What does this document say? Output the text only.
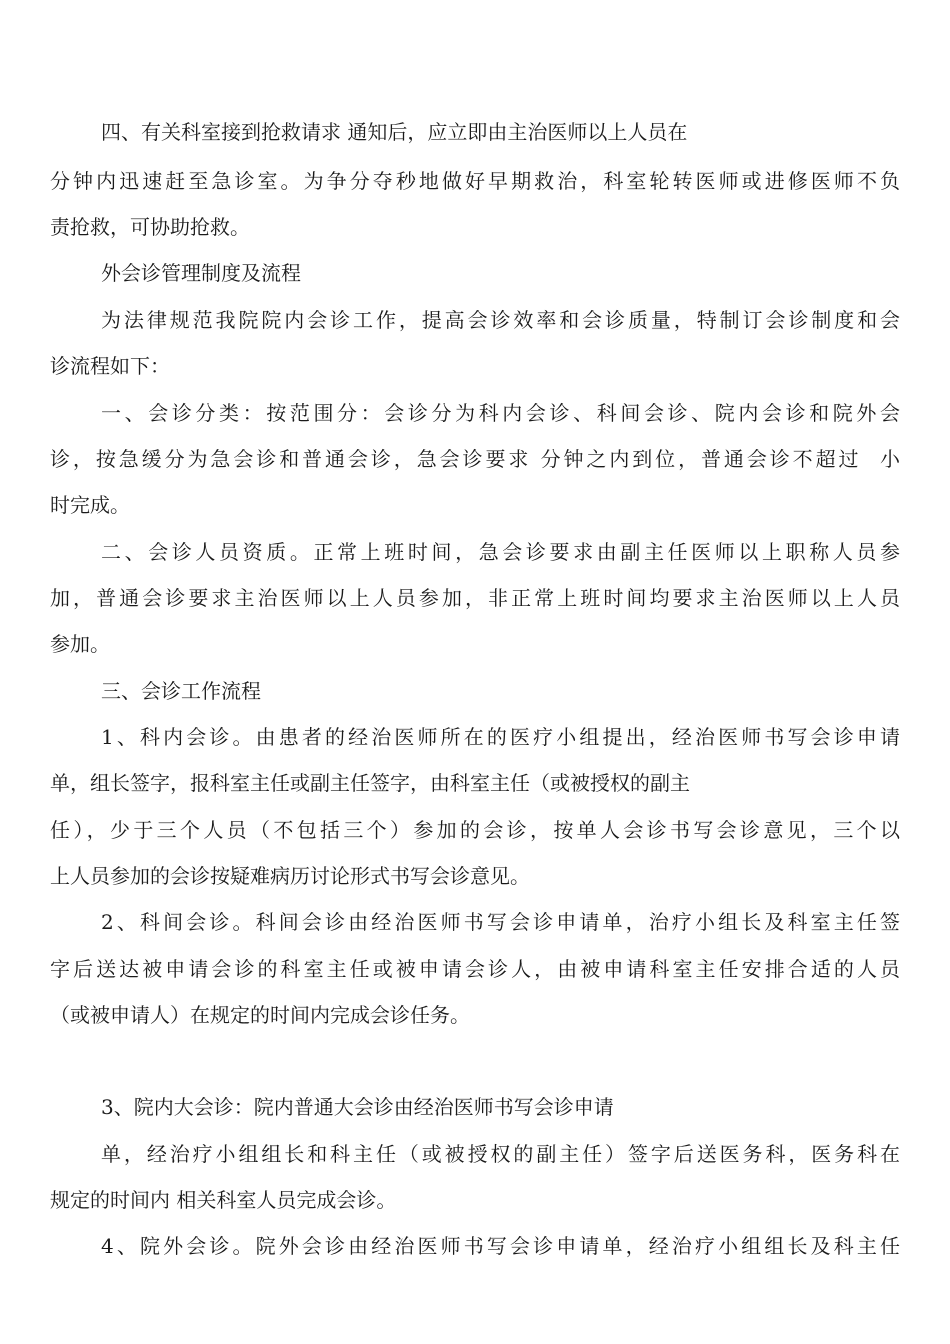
四、有关科室接到抢救请求 通知后，应立即由主治医师以上人员在
分钟内迅速赶至急诊室。为争分夺秒地做好早期救治，科室轮转医师或进修医师不负
责抢救，可协助抢救。
外会诊管理制度及流程
为法律规范我院院内会诊工作，提高会诊效率和会诊质量，特制订会诊制度和会
诊流程如下：
一、会诊分类：按范围分：会诊分为科内会诊、科间会诊、院内会诊和院外会
诊，按急缓分为急会诊和普通会诊，急会诊要求 分钟之内到位，普通会诊不超过  小
时完成。
二、会诊人员资质。正常上班时间，急会诊要求由副主任医师以上职称人员参
加，普通会诊要求主治医师以上人员参加，非正常上班时间均要求主治医师以上人员
参加。
三、会诊工作流程
1、科内会诊。由患者的经治医师所在的医疗小组提出，经治医师书写会诊申请
单，组长签字，报科室主任或副主任签字，由科室主任（或被授权的副主
任），少于三个人员（不包括三个）参加的会诊，按单人会诊书写会诊意见，三个以
上人员参加的会诊按疑难病历讨论形式书写会诊意见。
2、科间会诊。科间会诊由经治医师书写会诊申请单，治疗小组长及科室主任签
字后送达被申请会诊的科室主任或被申请会诊人，由被申请科室主任安排合适的人员
（或被申请人）在规定的时间内完成会诊任务。
3、院内大会诊：院内普通大会诊由经治医师书写会诊申请
单，经治疗小组组长和科主任（或被授权的副主任）签字后送医务科，医务科在
规定的时间内 相关科室人员完成会诊。
4、院外会诊。院外会诊由经治医师书写会诊申请单，经治疗小组组长及科主任
